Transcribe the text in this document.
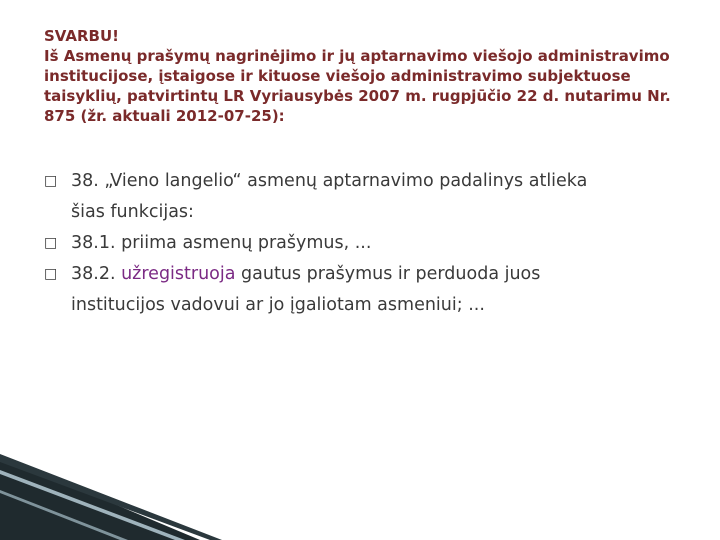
SVARBU!
Iš Asmenų prašymų nagrinėjimo ir jų aptarnavimo viešojo administravimo
institucijose, įstaigose ir kituose viešojo administravimo subjektuose
taisyklių, patvirtintų LR Vyriausybės 2007 m. rugpjūčio 22 d. nutarimu Nr.
875 (žr. aktuali 2012-07-25):
□ 38. „Vieno langelio“ asmenų aptarnavimo padalinys atlieka
šias funkcijas:
□ 38.1. priima asmenų prašymus, ...
□ 38.2. užregistruoja gautus prašymus ir perduoda juos
institucijos vadovui ar jo įgaliotam asmeniui; ...
